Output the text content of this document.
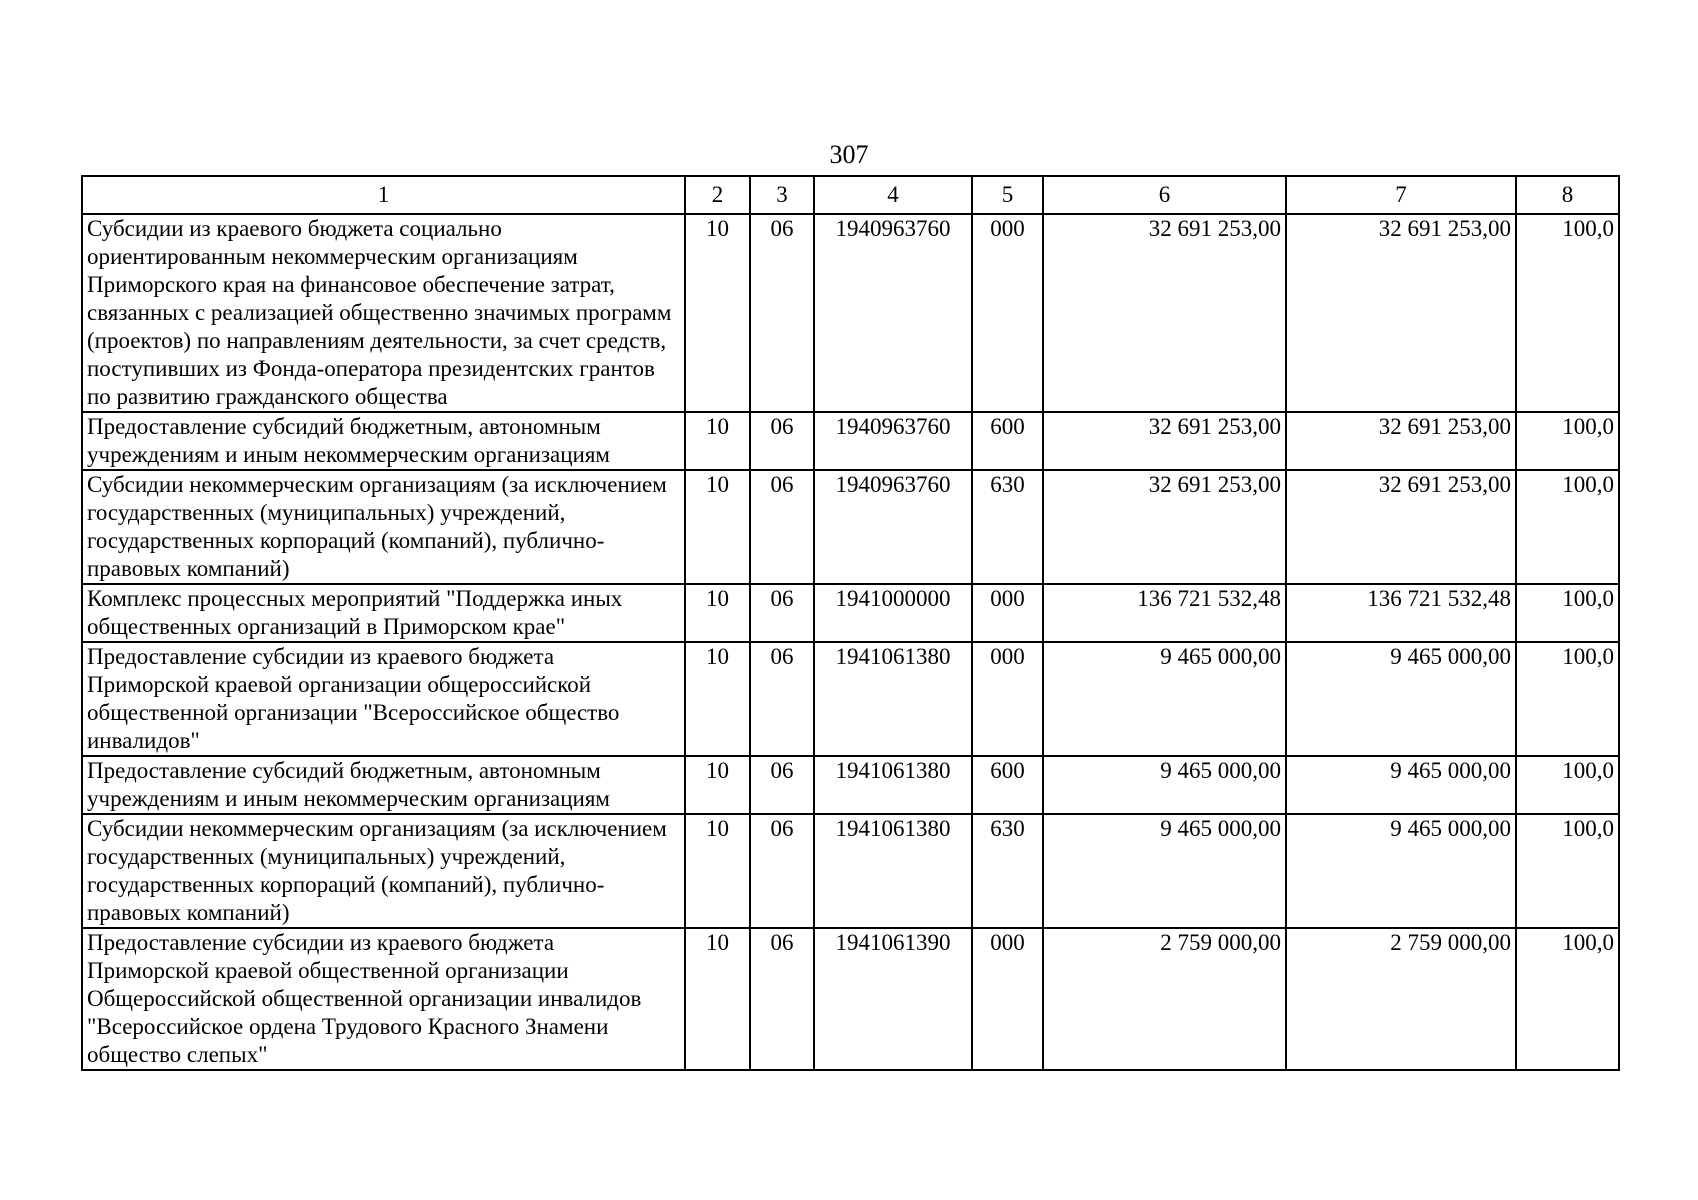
307
1	2	3	4	5	6	7	8
Субсидии из краевого бюджета социально ориентированным некоммерческим организациям Приморского края на финансовое обеспечение затрат, связанных с реализацией общественно значимых программ (проектов) по направлениям деятельности, за счет средств, поступивших из Фонда-оператора президентских грантов по развитию гражданского общества	10	06	1940963760	000	32 691 253,00	32 691 253,00	100,0
Предоставление субсидий бюджетным, автономным учреждениям и иным некоммерческим организациям	10	06	1940963760	600	32 691 253,00	32 691 253,00	100,0
Субсидии некоммерческим организациям (за исключением государственных (муниципальных) учреждений, государственных корпораций (компаний), публично-правовых компаний)	10	06	1940963760	630	32 691 253,00	32 691 253,00	100,0
Комплекс процессных мероприятий "Поддержка иных общественных организаций в Приморском крае"	10	06	1941000000	000	136 721 532,48	136 721 532,48	100,0
Предоставление субсидии из краевого бюджета Приморской краевой организации общероссийской общественной организации "Всероссийское общество инвалидов"	10	06	1941061380	000	9 465 000,00	9 465 000,00	100,0
Предоставление субсидий бюджетным, автономным учреждениям и иным некоммерческим организациям	10	06	1941061380	600	9 465 000,00	9 465 000,00	100,0
Субсидии некоммерческим организациям (за исключением государственных (муниципальных) учреждений, государственных корпораций (компаний), публично-правовых компаний)	10	06	1941061380	630	9 465 000,00	9 465 000,00	100,0
Предоставление субсидии из краевого бюджета Приморской краевой общественной организации Общероссийской общественной организации инвалидов "Всероссийское ордена Трудового Красного Знамени общество слепых"	10	06	1941061390	000	2 759 000,00	2 759 000,00	100,0
